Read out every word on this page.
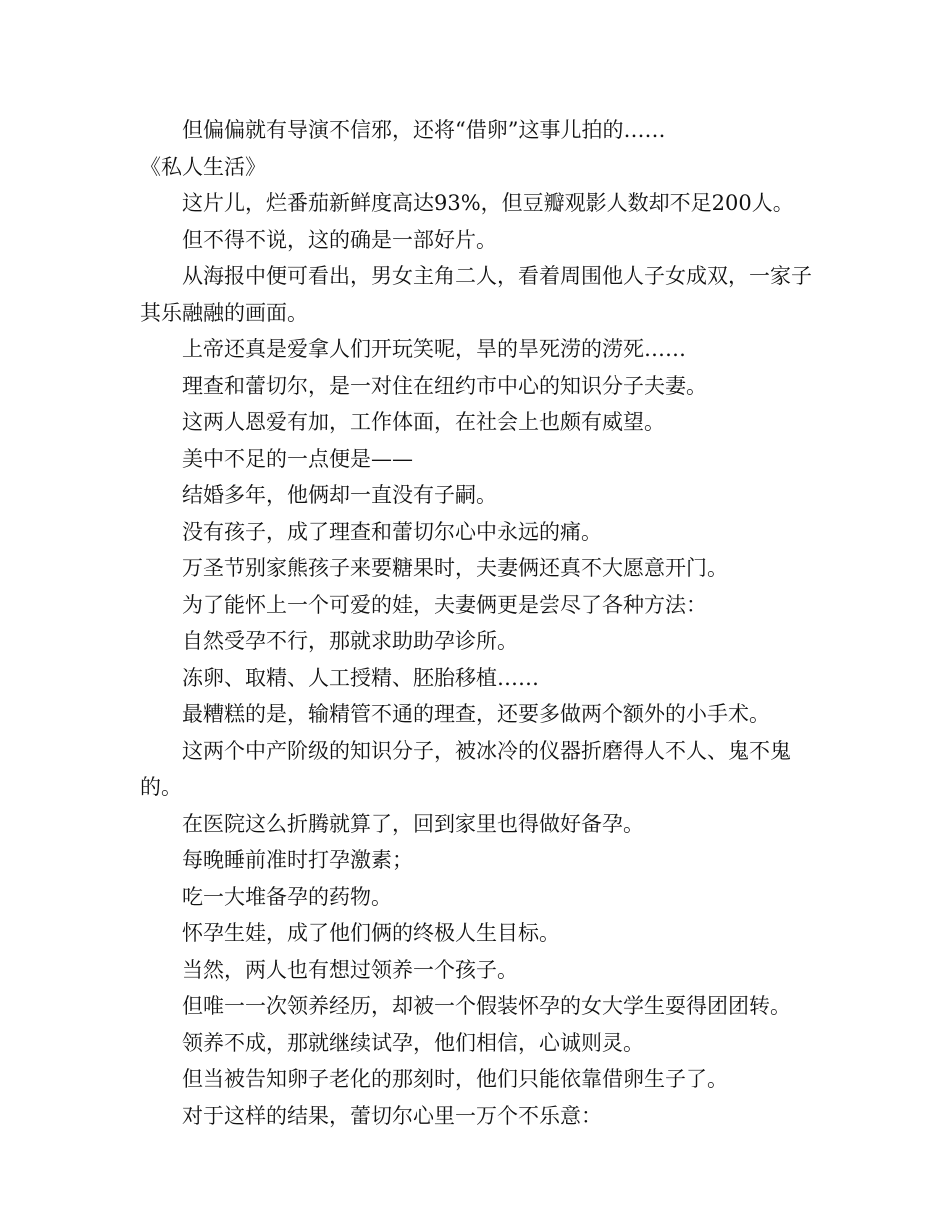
但偏偏就有导演不信邪，还将“借卵”这事儿拍的……

《私人生活》

这片儿，烂番茄新鲜度高达93%，但豆瓣观影人数却不足200人。

但不得不说，这的确是一部好片。

从海报中便可看出，男女主角二人，看着周围他人子女成双，一家子其乐融融的画面。

上帝还真是爱拿人们开玩笑呢，旱的旱死涝的涝死……

理查和蕾切尔，是一对住在纽约市中心的知识分子夫妻。

这两人恩爱有加，工作体面，在社会上也颇有威望。

美中不足的一点便是——

结婚多年，他俩却一直没有子嗣。

没有孩子，成了理查和蕾切尔心中永远的痛。

万圣节别家熊孩子来要糖果时，夫妻俩还真不大愿意开门。

为了能怀上一个可爱的娃，夫妻俩更是尝尽了各种方法：

自然受孕不行，那就求助助孕诊所。

冻卵、取精、人工授精、胚胎移植……

最糟糕的是，输精管不通的理查，还要多做两个额外的小手术。

这两个中产阶级的知识分子，被冰冷的仪器折磨得人不人、鬼不鬼的。

在医院这么折腾就算了，回到家里也得做好备孕。

每晚睡前准时打孕激素；

吃一大堆备孕的药物。

怀孕生娃，成了他们俩的终极人生目标。

当然，两人也有想过领养一个孩子。

但唯一一次领养经历，却被一个假装怀孕的女大学生耍得团团转。

领养不成，那就继续试孕，他们相信，心诚则灵。

但当被告知卵子老化的那刻时，他们只能依靠借卵生子了。

对于这样的结果，蕾切尔心里一万个不乐意：
